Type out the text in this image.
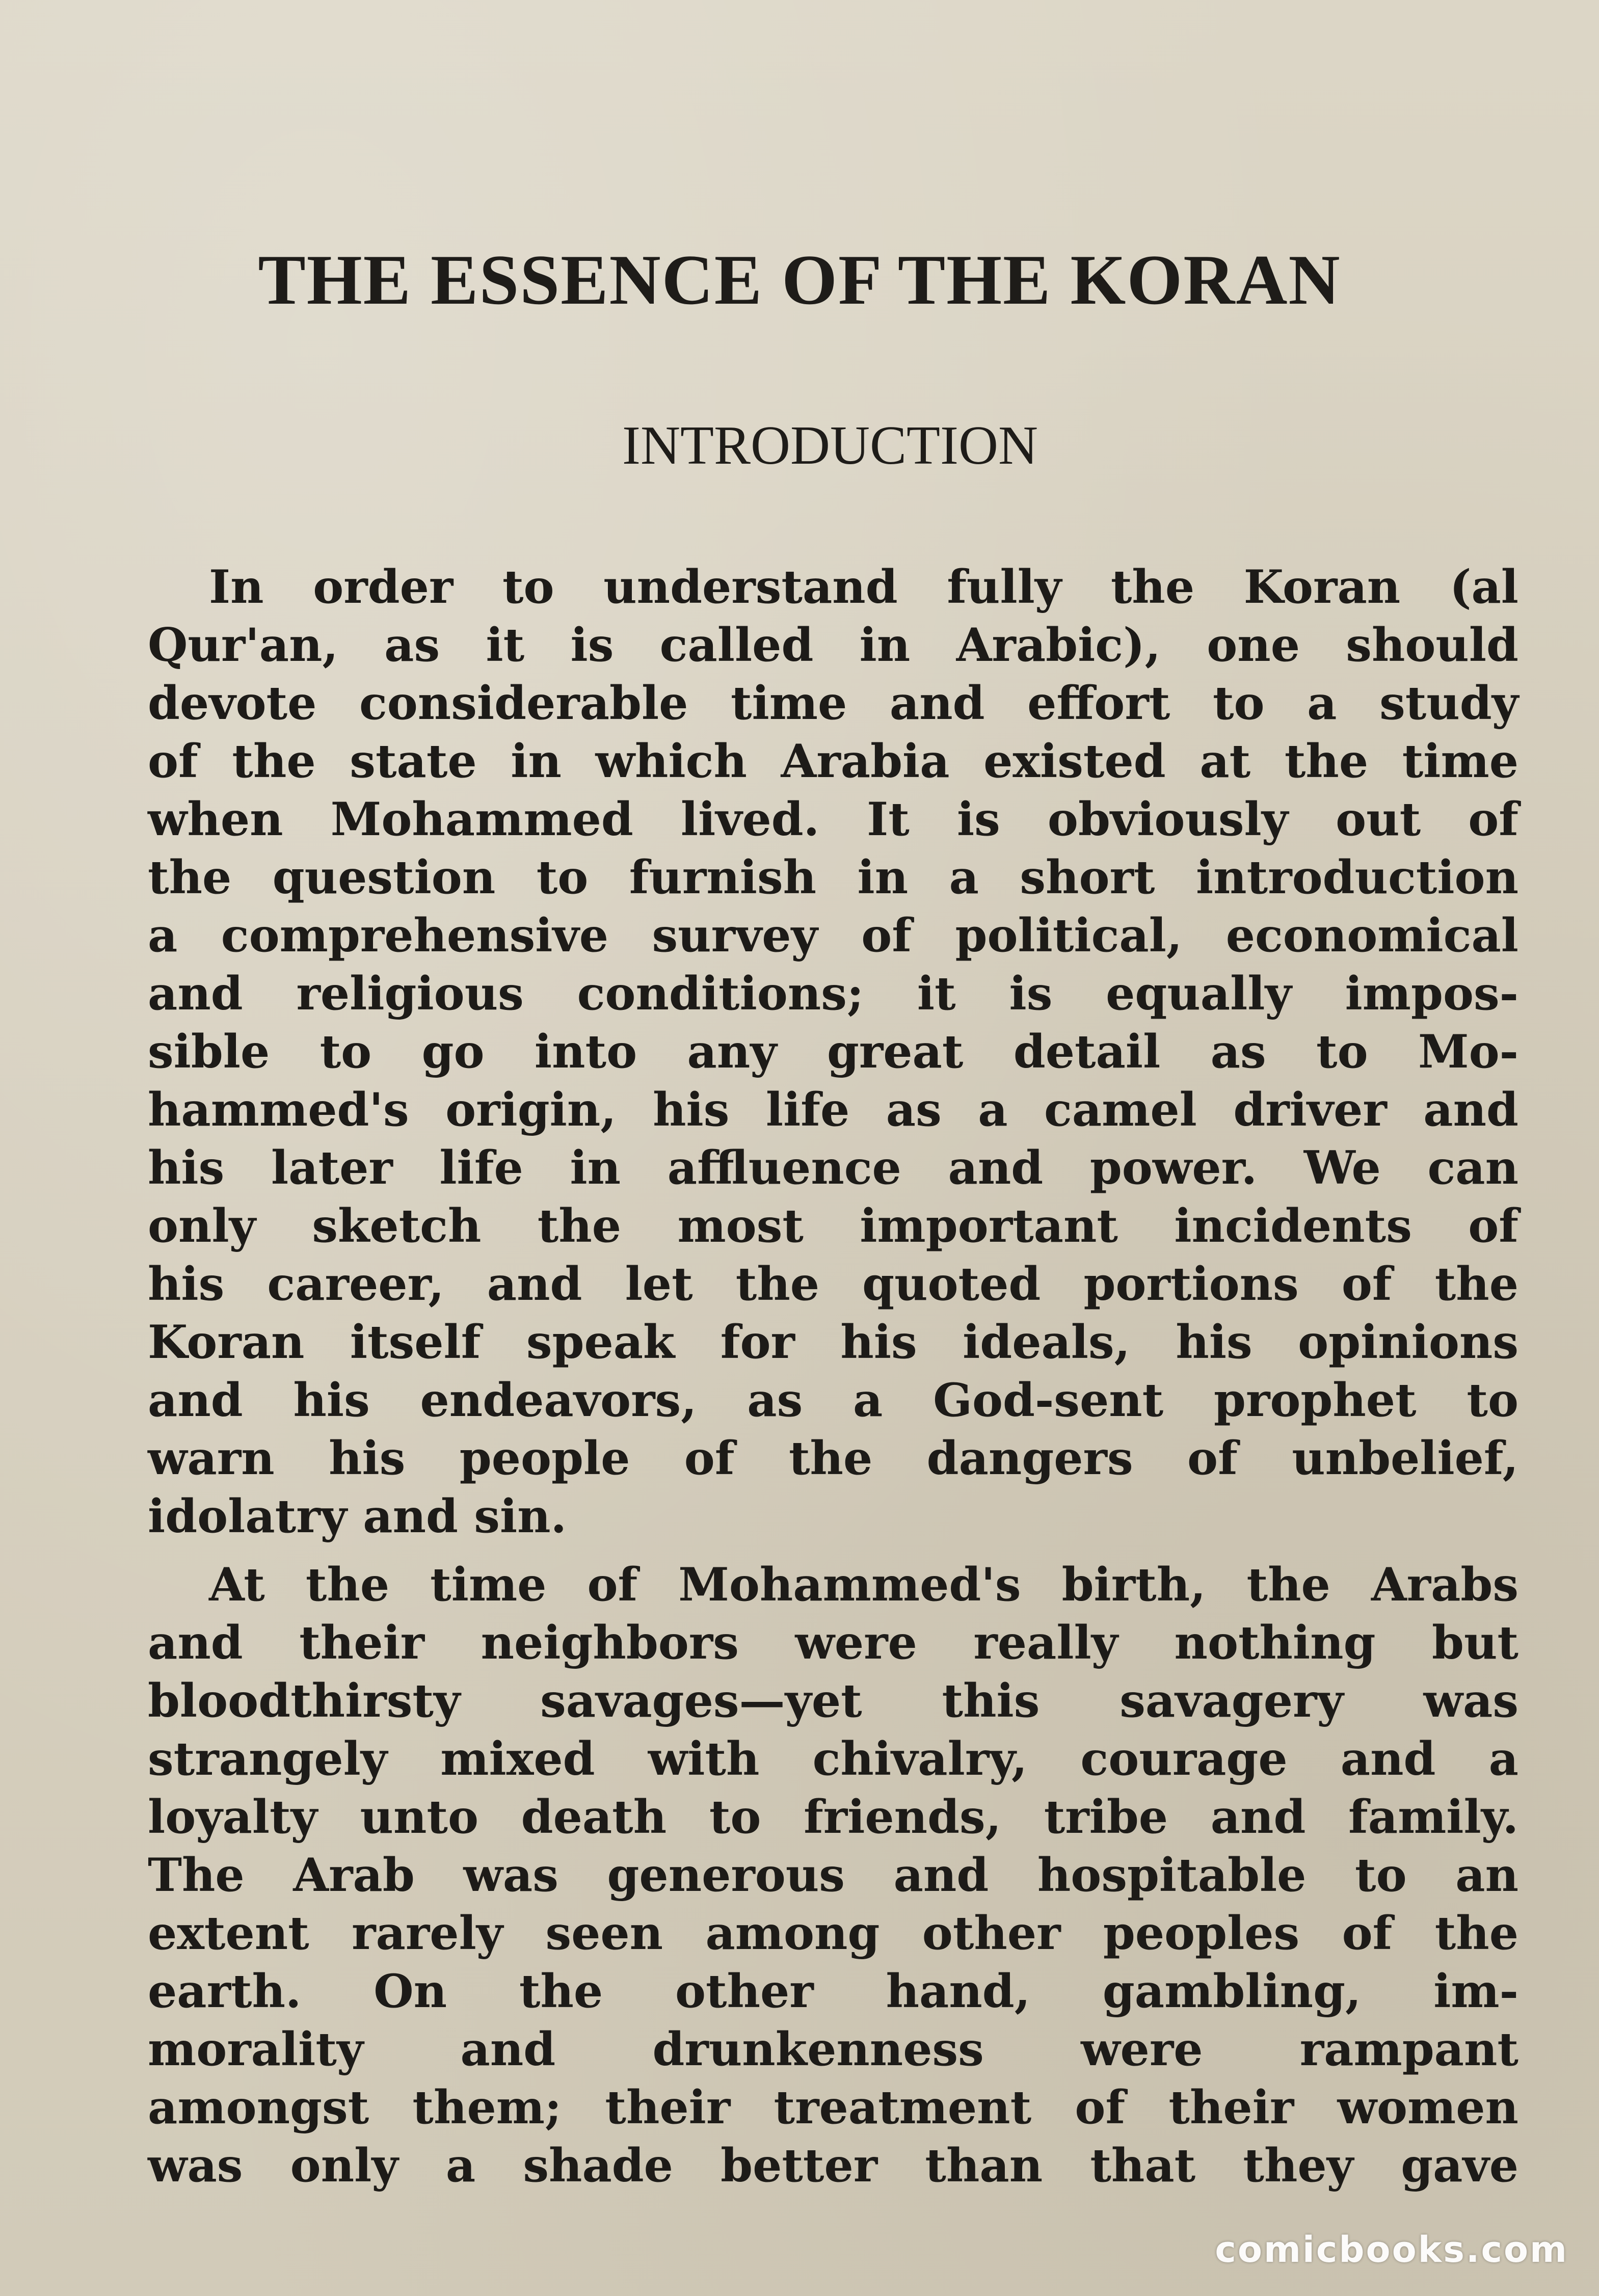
THE ESSENCE OF THE KORAN
INTRODUCTION
In order to understand fully the Koran (al
Qur'an, as it is called in Arabic), one should
devote considerable time and effort to a study
of the state in which Arabia existed at the time
when Mohammed lived. It is obviously out of
the question to furnish in a short introduction
a comprehensive survey of political, economical
and religious conditions; it is equally impos-
sible to go into any great detail as to Mo-
hammed's origin, his life as a camel driver and
his later life in affluence and power. We can
only sketch the most important incidents of
his career, and let the quoted portions of the
Koran itself speak for his ideals, his opinions
and his endeavors, as a God-sent prophet to
warn his people of the dangers of unbelief,
idolatry and sin.
At the time of Mohammed's birth, the Arabs
and their neighbors were really nothing but
bloodthirsty savages—yet this savagery was
strangely mixed with chivalry, courage and a
loyalty unto death to friends, tribe and family.
The Arab was generous and hospitable to an
extent rarely seen among other peoples of the
earth. On the other hand, gambling, im-
morality and drunkenness were rampant
amongst them; their treatment of their women
was only a shade better than that they gave
comicbooks.com
